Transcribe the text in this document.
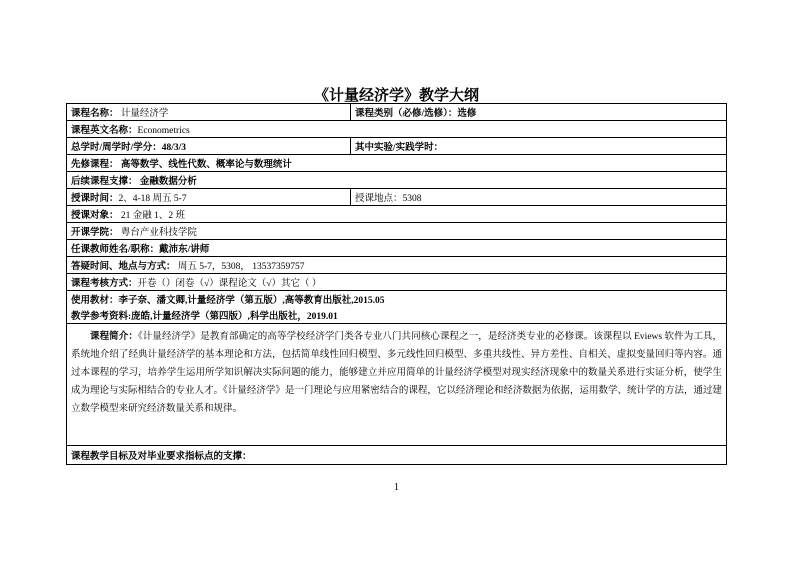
《计量经济学》教学大纲
课程名称： 计量经济学	课程类别（必修/选修）：选修
课程英文名称：Econometrics	
总学时/周学时/学分：48/3/3	其中实验/实践学时：
先修课程： 高等数学、线性代数、概率论与数理统计	
后续课程支撑： 金融数据分析	
授课时间：2、4-18 周五 5-7	授课地点：5308
授课对象： 21 金融 1、2 班	
开课学院： 粤台产业科技学院	
任课教师姓名/职称：戴沛东/讲师	
答疑时间、地点与方式： 周五 5-7，5308， 13537359757	
课程考核方式：开卷（）闭卷（√）课程论文（√）其它（ ）	
使用教材：李子奈、潘文卿,计量经济学（第五版）,高等教育出版社,2015.05	
教学参考资料:庞皓,计量经济学（第四版）,科学出版社，2019.01	
课程简介：《计量经济学》是教育部确定的高等学校经济学门类各专业八门共同核心课程之一，是经济类专业的必修课。该课程以 Eviews 软件为工具，系统地介绍了经典计量经济学的基本理论和方法，包括简单线性回归模型、多元线性回归模型、多重共线性、异方差性、自相关、虚拟变量回归等内容。通过本课程的学习，培养学生运用所学知识解决实际问题的能力，能够建立并应用简单的计量经济学模型对现实经济现象中的数量关系进行实证分析，使学生成为理论与实际相结合的专业人才。《计量经济学》是一门理论与应用紧密结合的课程，它以经济理论和经济数据为依据，运用数学、统计学的方法，通过建立数学模型来研究经济数量关系和规律。	
课程教学目标及对毕业要求指标点的支撑：	
1
